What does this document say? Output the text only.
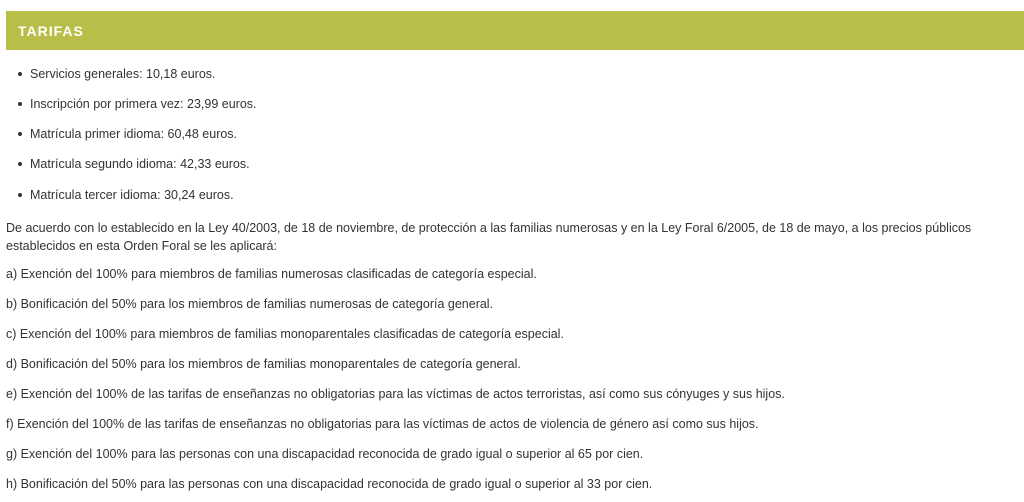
TARIFAS
Servicios generales: 10,18 euros.
Inscripción por primera vez: 23,99 euros.
Matrícula primer idioma: 60,48 euros.
Matrícula segundo idioma: 42,33 euros.
Matrícula tercer idioma: 30,24 euros.

De acuerdo con lo establecido en la Ley 40/2003, de 18 de noviembre, de protección a las familias numerosas y en la Ley Foral 6/2005, de 18 de mayo, a los precios públicos establecidos en esta Orden Foral se les aplicará:

a) Exención del 100% para miembros de familias numerosas clasificadas de categoría especial.

b) Bonificación del 50% para los miembros de familias numerosas de categoría general.

c) Exención del 100% para miembros de familias monoparentales clasificadas de categoría especial.

d) Bonificación del 50% para los miembros de familias monoparentales de categoría general.

e) Exención del 100% de las tarifas de enseñanzas no obligatorias para las víctimas de actos terroristas, así como sus cónyuges y sus hijos.

f) Exención del 100% de las tarifas de enseñanzas no obligatorias para las víctimas de actos de violencia de género así como sus hijos.

g) Exención del 100% para las personas con una discapacidad reconocida de grado igual o superior al 65 por cien.

h) Bonificación del 50% para las personas con una discapacidad reconocida de grado igual o superior al 33 por cien.
